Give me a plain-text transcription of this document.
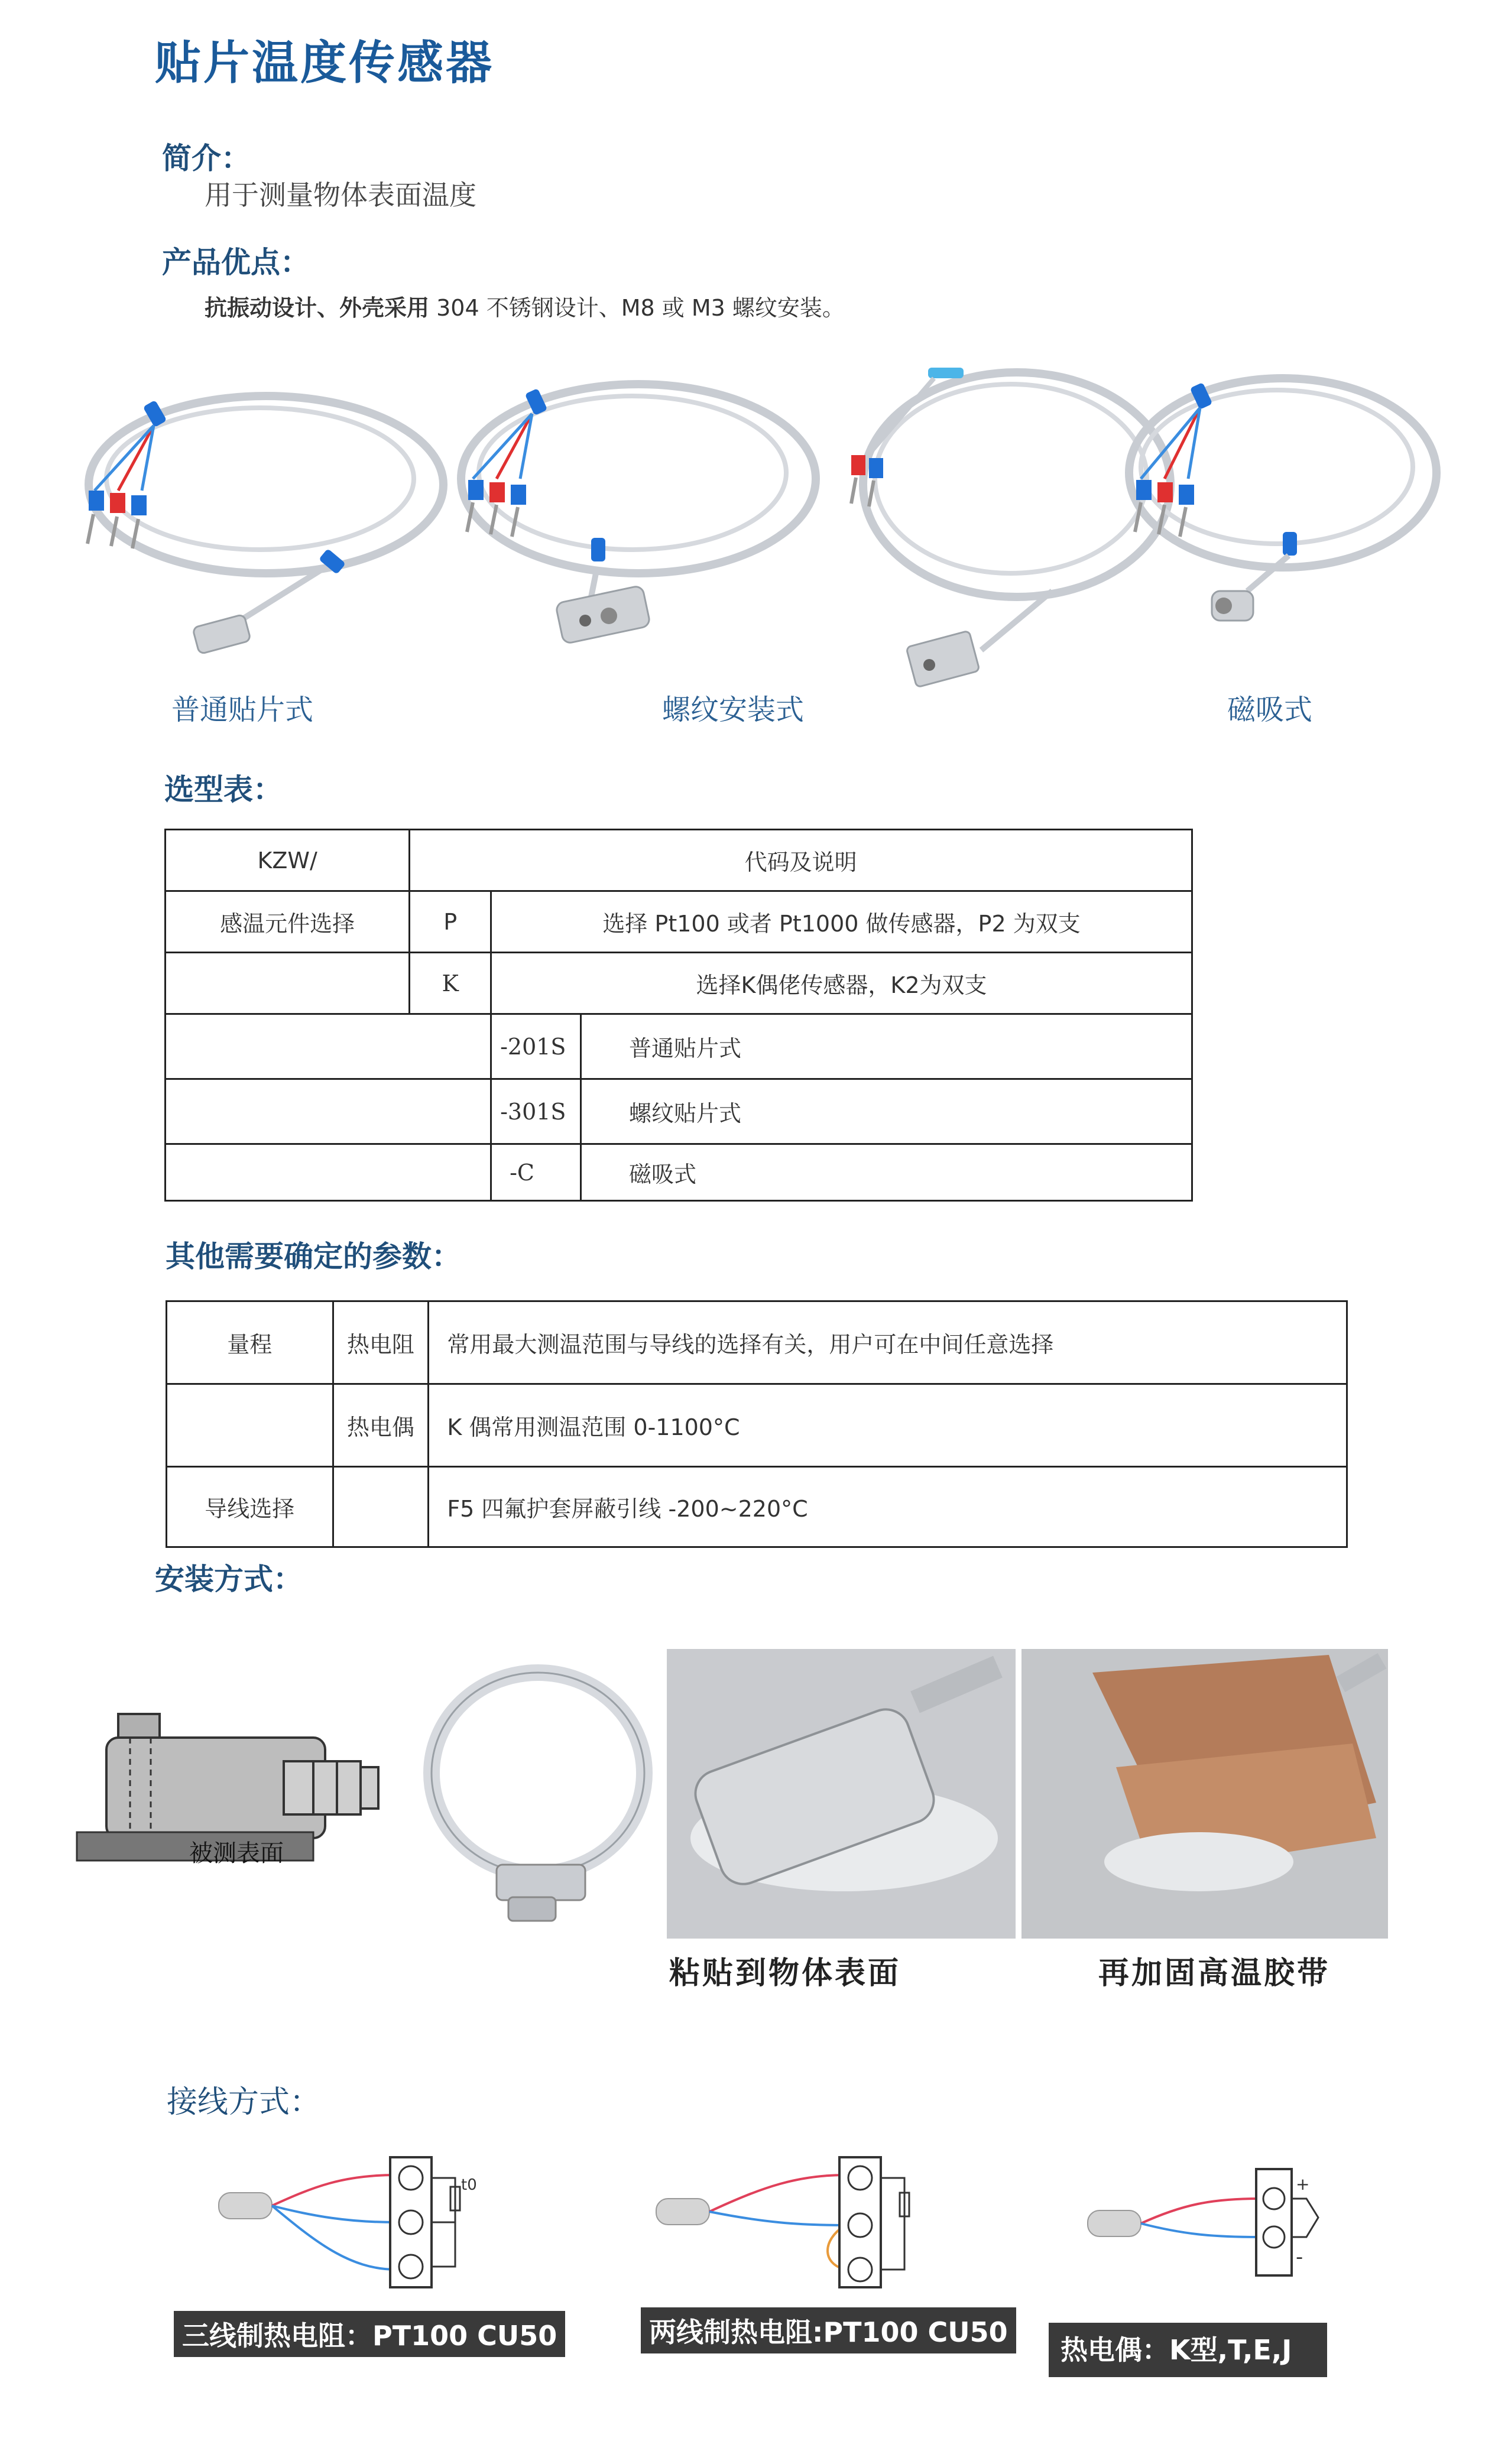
贴片温度传感器
简介：
用于测量物体表面温度
产品优点：
抗振动设计、外壳采用 304 不锈钢设计、M8 或 M3 螺纹安装。
普通贴片式	螺纹安装式	磁吸式
选型表：
KZW/	代码及说明		
感温元件选择	P	选择 Pt100 或者 Pt1000 做传感器，P2 为双支	
	K	选择K偶佬传感器，K2为双支	
		-201S	普通贴片式
		-301S	螺纹贴片式
		-C	磁吸式
其他需要确定的参数：
量程	热电阻	常用最大测温范围与导线的选择有关，用户可在中间任意选择
	热电偶	K 偶常用测温范围 0-1100°C
导线选择		F5 四氟护套屏蔽引线 -200~220°C
安装方式：
被测表面
粘贴到物体表面	再加固高温胶带
接线方式：
t0
三线制热电阻：PT100 CU50	两线制热电阻:PT100 CU50
+
-
热电偶：K型,T,E,J
